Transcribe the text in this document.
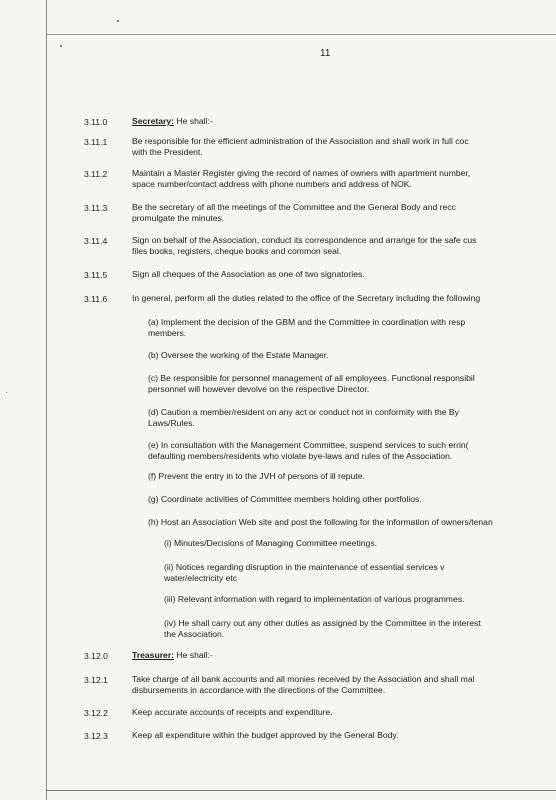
11
3.11.0	Secretary: He shall:-
3.11.1	Be responsible for the efficient administration of the Association and shall work in full coc
with the President.
3.11.2	Maintain a Master Register giving the record of names of owners with apartment number,
space number/contact address with phone numbers and address of NOK.
3.11.3	Be the secretary of all the meetings of the Committee and the General Body and recc
promulgate the minutes.
3.11.4	Sign on behalf of the Association, conduct its correspondence and arrange for the safe cus
files books, registers, cheque books and common seal.
3.11.5	Sign all cheques of the Association as one of two signatories.
3.11.6	In general, perform all the duties related to the office of the Secretary including the following
(a) Implement the decision of the GBM and the Committee in coordination with resp
members.
(b) Oversee the working of the Estate Manager.
(c) Be responsible for personnel management of all employees. Functional responsibil
personnel will however devolve on the respective Director.
(d) Caution a member/resident on any act or conduct not in conformity with the By
Laws/Rules.
(e) In consultation with the Management Committee, suspend services to such errin(
defaulting members/residents who violate bye-laws and rules of the Association.
(f) Prevent the entry in to the JVH of persons of ill repute.
(g) Coordinate activities of Committee members holding other portfolios.
(h) Host an Association Web site and post the following for the information of owners/tenan
(i) Minutes/Decisions of Managing Committee meetings.
(ii) Notices regarding disruption in the maintenance of essential services v
water/electricity etc
(iii) Relevant information with regard to implementation of various programmes.
(iv) He shall carry out any other duties as assigned by the Committee in the interest
the Association.
3.12.0	Treasurer: He shall:-
3.12.1	Take charge of all bank accounts and all monies received by the Association and shall mal
disbursements in accordance with the directions of the Committee.
3.12.2	Keep accurate accounts of receipts and expenditure.
3.12.3	Keep all expenditure within the budget approved by the General Body.
